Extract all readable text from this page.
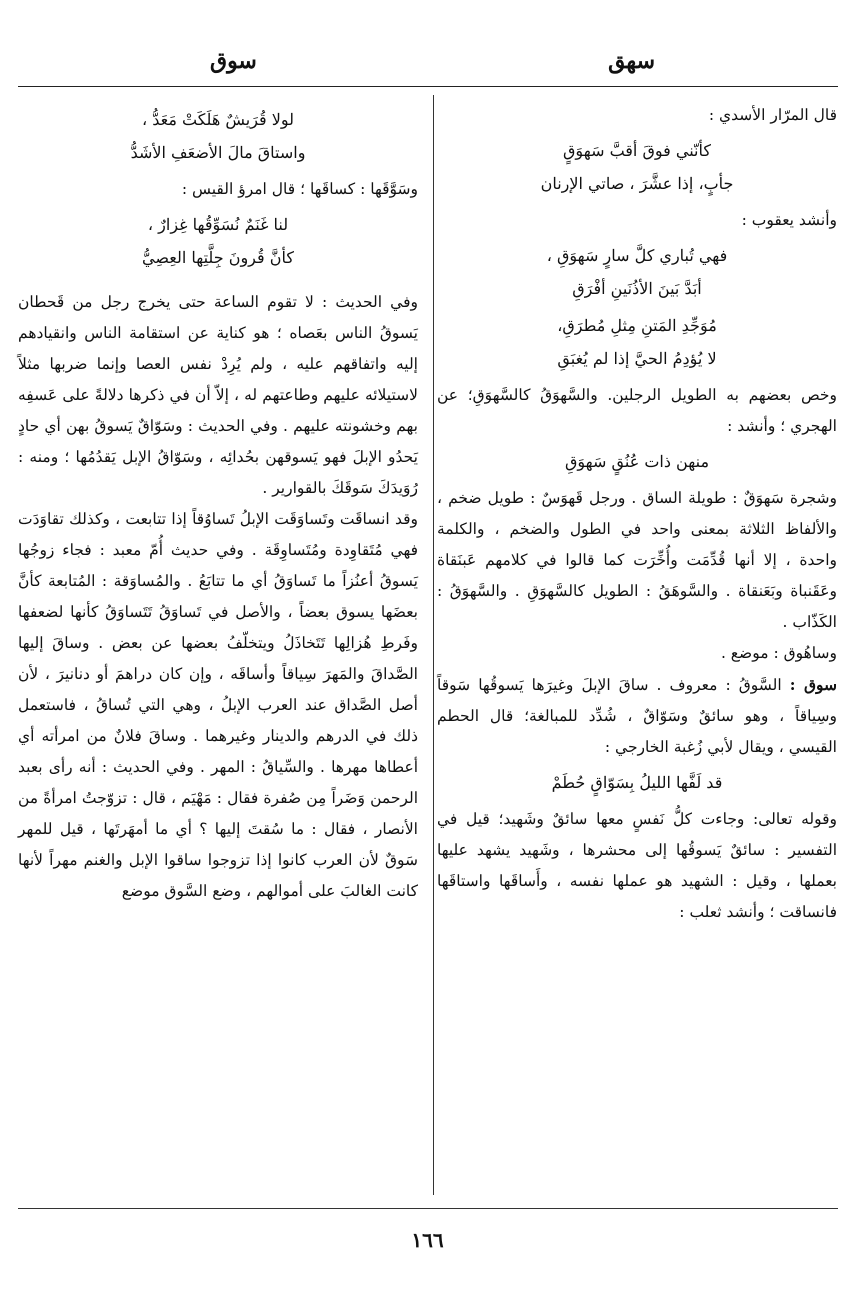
سهق
سوق

قال المرّار الأسدي :

كأنّني فوقَ أقبَّ سَهوَقٍ
جأبٍ، إذا عشَّرَ ، صاتي الإرنان

وأنشد يعقوب :

فهي تُباري كلَّ سارٍ سَهوَقِ ،
أبَدَّ بَينَ الأذُنَينِ أفْرَقِ
مُوَجِّدِ المَتنِ مِثلِ مُطرَقِ،
لا يُؤدِمُ الحيَّ إذا لم يُغبَقِ

وخص بعضهم به الطويل الرجلين. والسَّهوَقُ كالسَّهوَقِ؛ عن الهجري ؛ وأنشد :

منهن ذات عُنُقٍ سَهوَقِ

وشجرة سَهوَقٌ : طويلة الساق . ورجل قَهوَسٌ : طويل ضخم ، والألفاظ الثلاثة بمعنى واحد في الطول والضخم ، والكلمة واحدة ، إلا أنها قُدِّمَت وأُخِّرَت كما قالوا في كلامهم عَبنَقاة وعَقَنباة وبَعَنقاة . والسَّوهَقُ : الطويل كالسَّهوَقِ . والسَّهوَقُ : الكَذّاب .

وساهُوق : موضع .

سوق : السَّوقُ : معروف . ساقَ الإبلَ وغيرَها يَسوقُها سَوقاً وسِياقاً ، وهو سائقٌ وسَوّاقٌ ، شُدِّد للمبالغة؛ قال الحطم القيسي ، ويقال لأبي زُغبة الخارجي :

قد لَفَّها الليلُ بِسَوّاقٍ حُطَمْ

وقوله تعالى: وجاءت كلُّ نَفسٍ معها سائقٌ وشَهيد؛ قيل في التفسير : سائقٌ يَسوقُها إلى محشرها ، وشَهيد يشهد عليها بعملها ، وقيل : الشهيد هو عملها نفسه ، وأَساقَها واستاقَها فانساقت ؛ وأنشد ثعلب :

لولا قُرَيشٌ هَلَكَتْ مَعَدُّ ،
واستاقَ مالَ الأضعَفِ الأشَدُّ

وسَوَّقَها : كساقَها ؛ قال امرؤ القيس :

لنا غَنَمٌ نُسَوِّقُها غِزارٌ ،
كأنَّ قُرونَ جِلَّتِها العِصِيُّ

وفي الحديث : لا تقوم الساعة حتى يخرج رجل من قَحطان يَسوقُ الناس بعَصاه ؛ هو كناية عن استقامة الناس وانقيادهم إليه واتفاقهم عليه ، ولم يُرِدْ نفس العصا وإنما ضربها مثلاً لاستيلائه عليهم وطاعتهم له ، إلاّ أن في ذكرها دلالةً على عَسفِه بهم وخشونته عليهم . وفي الحديث : وسَوّاقٌ يَسوقُ بهن أي حادٍ يَحدُو الإبلَ فهو يَسوقهن بحُدائِه ، وسَوّاقُ الإبل يَقدُمُها ؛ ومنه : رُوَيدَكَ سَوقَكَ بالقوارير .

وقد انساقَت وتَساوَقَت الإبلُ تَساوُقاً إذا تتابعت ، وكذلك تقاوَدَت فهي مُتَقاوِدة ومُتَساوِقَة . وفي حديث أُمّ معبد : فجاء زوجُها يَسوقُ أعنُزاً ما تَساوَقُ أي ما تتابَعُ . والمُساوَقة : المُتابعة كأنَّ بعضَها يسوق بعضاً ، والأصل في تَساوَقُ تَتَساوَقُ كأنها لضعفها وفَرطِ هُزالِها تَتَخاذَلُ ويتخلّفُ بعضها عن بعض . وساقَ إليها الصَّداقَ والمَهرَ سِياقاً وأساقَه ، وإن كان دراهمَ أو دنانيرَ ، لأن أصل الصَّداق عند العرب الإبلُ ، وهي التي تُساقُ ، فاستعمل ذلك في الدرهم والدينار وغيرهما . وساقَ فلانٌ من امرأته أي أعطاها مهرها . والسِّياقُ : المهر . وفي الحديث : أنه رأى بعبد الرحمن وَضَراً مِن صُفرة فقال : مَهْيَم ، قال : تزوّجتُ امرأةً من الأنصار ، فقال : ما سُقتَ إليها ؟ أي ما أمهَرتَها ، قيل للمهر سَوقٌ لأن العرب كانوا إذا تزوجوا ساقوا الإبل والغنم مهراً لأنها كانت الغالبَ على أموالهم ، وضع السَّوق موضع

١٦٦
